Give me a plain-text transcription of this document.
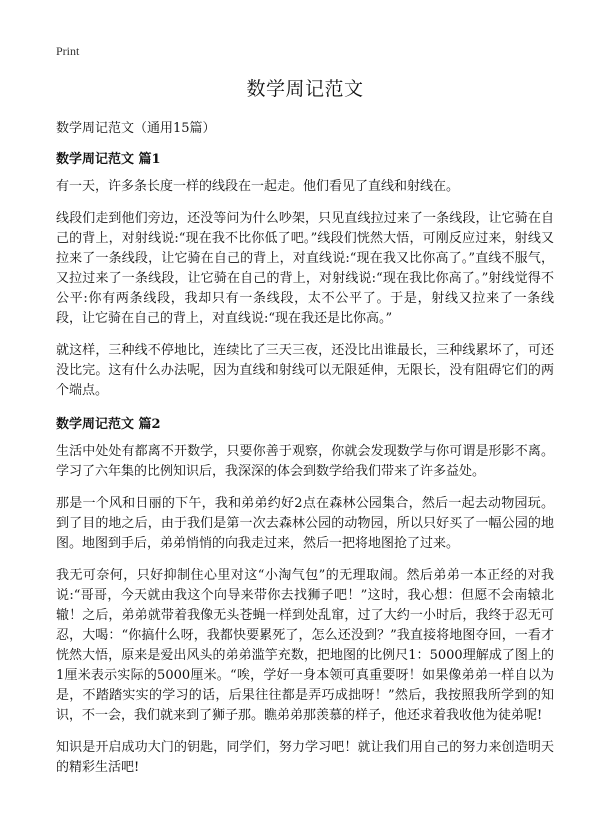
Print
数学周记范文

数学周记范文（通用15篇）

数学周记范文 篇1

有一天，许多条长度一样的线段在一起走。他们看见了直线和射线在。

线段们走到他们旁边，还没等问为什么吵架，只见直线拉过来了一条线段，让它骑在自己的背上，对射线说:“现在我不比你低了吧。”线段们恍然大悟，可刚反应过来，射线又拉来了一条线段，让它骑在自己的背上，对直线说:“现在我又比你高了。”直线不服气，又拉过来了一条线段，让它骑在自己的背上，对射线说:“现在我比你高了。”射线觉得不公平:你有两条线段，我却只有一条线段，太不公平了。于是，射线又拉来了一条线段，让它骑在自己的背上，对直线说:“现在我还是比你高。”

就这样，三种线不停地比，连续比了三天三夜，还没比出谁最长，三种线累坏了，可还没比完。这有什么办法呢，因为直线和射线可以无限延伸，无限长，没有阻碍它们的两个端点。

数学周记范文 篇2

生活中处处有都离不开数学，只要你善于观察，你就会发现数学与你可谓是形影不离。学习了六年集的比例知识后，我深深的体会到数学给我们带来了许多益处。

那是一个风和日丽的下午，我和弟弟约好2点在森林公园集合，然后一起去动物园玩。到了目的地之后，由于我们是第一次去森林公园的动物园，所以只好买了一幅公园的地图。地图到手后，弟弟悄悄的向我走过来，然后一把将地图抢了过来。

我无可奈何，只好抑制住心里对这“小淘气包”的无理取闹。然后弟弟一本正经的对我说:“哥哥，今天就由我这个向导来带你去找狮子吧！”这时，我心想：但愿不会南辕北辙！之后，弟弟就带着我像无头苍蝇一样到处乱窜，过了大约一小时后，我终于忍无可忍，大喝：“你搞什么呀，我都快要累死了，怎么还没到？”我直接将地图夺回，一看才恍然大悟，原来是爱出风头的弟弟滥竽充数，把地图的比例尺1：5000理解成了图上的1厘米表示实际的5000厘米。“唉，学好一身本领可真重要呀！如果像弟弟一样自以为是，不踏踏实实的学习的话，后果往往都是弄巧成拙呀！”然后，我按照我所学到的知识，不一会，我们就来到了狮子那。瞧弟弟那羡慕的样子，他还求着我收他为徒弟呢!

知识是开启成功大门的钥匙，同学们，努力学习吧！就让我们用自己的努力来创造明天的精彩生活吧!
